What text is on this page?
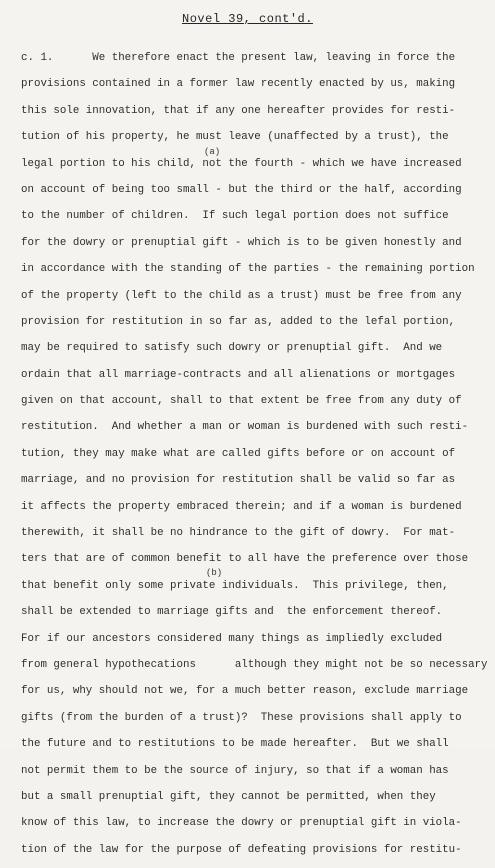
Novel 39, cont'd.
(a)
(b)
c. 1.      We therefore enact the present law, leaving in force the
provisions contained in a former law recently enacted by us, making
this sole innovation, that if any one hereafter provides for resti-
tution of his property, he must leave (unaffected by a trust), the
legal portion to his child, not the fourth - which we have increased
on account of being too small - but the third or the half, according
to the number of children.  If such legal portion does not suffice
for the dowry or prenuptial gift - which is to be given honestly and
in accordance with the standing of the parties - the remaining portion
of the property (left to the child as a trust) must be free from any
provision for restitution in so far as, added to the lefal portion,
may be required to satisfy such dowry or prenuptial gift.  And we
ordain that all marriage-contracts and all alienations or mortgages
given on that account, shall to that extent be free from any duty of
restitution.  And whether a man or woman is burdened with such resti-
tution, they may make what are called gifts before or on account of
marriage, and no provision for restitution shall be valid so far as
it affects the property embraced therein; and if a woman is burdened
therewith, it shall be no hindrance to the gift of dowry.  For mat-
ters that are of common benefit to all have the preference over those
that benefit only some private individuals.  This privilege, then,
shall be extended to marriage gifts and  the enforcement thereof.
For if our ancestors considered many things as impliedly excluded
from general hypothecations      although they might not be so necessary
for us, why should not we, for a much better reason, exclude marriage
gifts (from the burden of a trust)?  These provisions shall apply to
the future and to restitutions to be made hereafter.  But we shall
not permit them to be the source of injury, so that if a woman has
but a small prenuptial gift, they cannot be permitted, when they
know of this law, to increase the dowry or prenuptial gift in viola-
tion of the law for the purpose of defeating provisions for restitu-
